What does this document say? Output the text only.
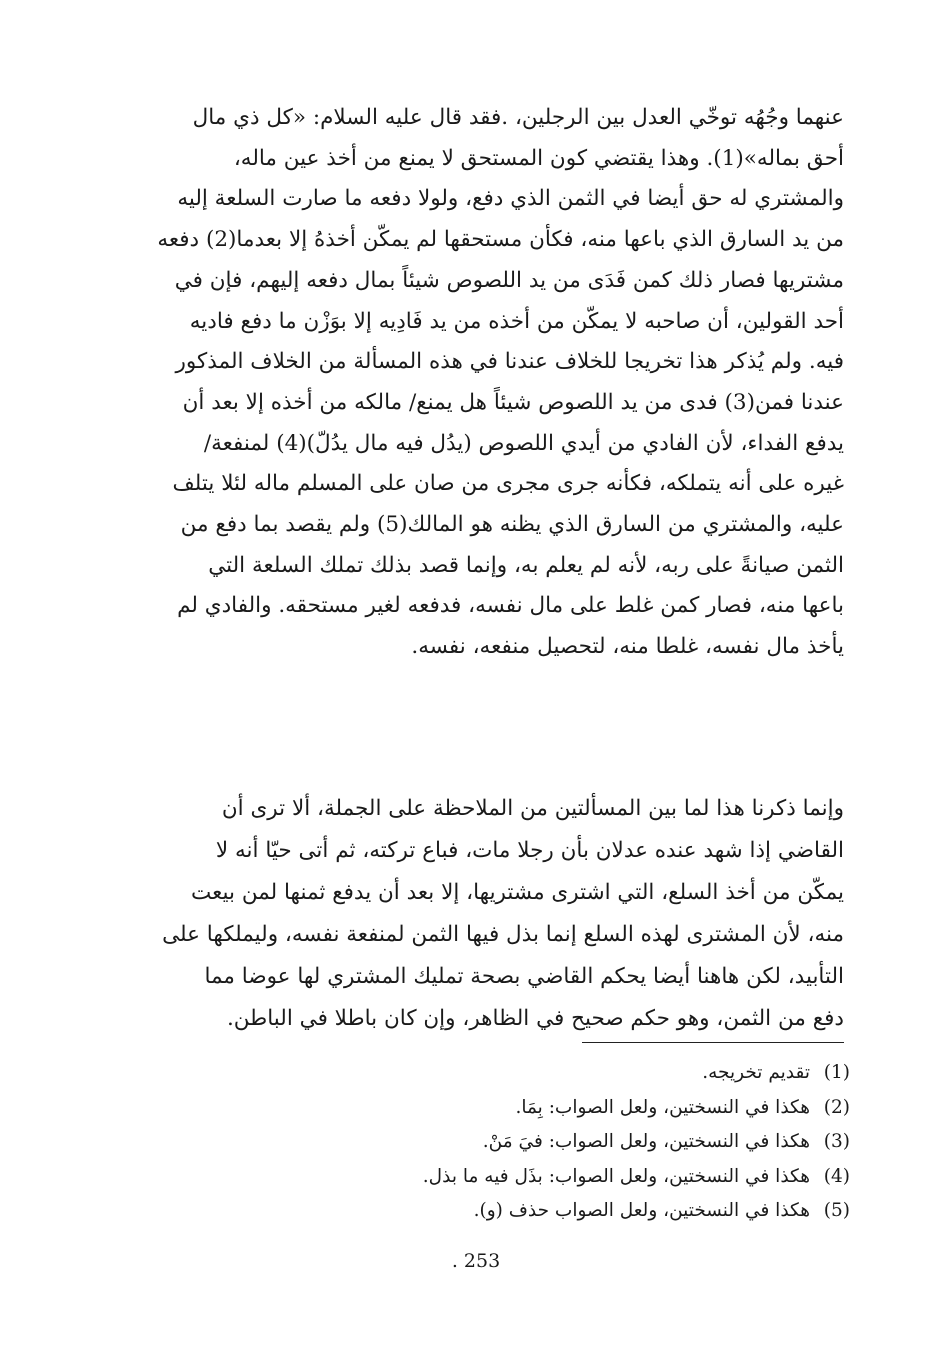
عنهما وجُهُه توخّي العدل بين الرجلين، .فقد قال عليه السلام: «كل ذي مال
أحق بماله»(1). وهذا يقتضي كون المستحق لا يمنع من أخذ عين ماله،
والمشتري له حق أيضا في الثمن الذي دفع، ولولا دفعه ما صارت السلعة إليه
من يد السارق الذي باعها منه، فكأن مستحقها لم يمكّن أخذهُ إلا بعدما(2) دفعه
مشتريها فصار ذلك كمن فَدَى من يد اللصوص شيئاً بمال دفعه إليهم، فإن في
أحد القولين، أن صاحبه لا يمكّن من أخذه من يد فَادِيه إلا بوَزْن ما دفع فاديه
فيه. ولم يُذكر هذا تخريجا للخلاف عندنا في هذه المسألة من الخلاف المذكور
عندنا فمن(3) فدى من يد اللصوص شيئاً هل يمنع/ مالكه من أخذه إلا بعد أن
يدفع الفداء، لأن الفادي من أيدي اللصوص (يدُل فيه مال يدُلّ)(4) لمنفعة/
غيره على أنه يتملكه، فكأنه جرى مجرى من صان على المسلم ماله لئلا يتلف
عليه، والمشتري من السارق الذي يظنه هو المالك(5) ولم يقصد بما دفع من
الثمن صيانةً على ربه، لأنه لم يعلم به، وإنما قصد بذلك تملك السلعة التي
باعها منه، فصار كمن غلط على مال نفسه، فدفعه لغير مستحقه. والفادي لم
يأخذ مال نفسه، غلطا منه، لتحصيل منفعه، نفسه.

وإنما ذكرنا هذا لما بين المسألتين من الملاحظة على الجملة، ألا ترى أن
القاضي إذا شهد عنده عدلان بأن رجلا مات، فباع تركته، ثم أتى حيّا أنه لا
يمكّن من أخذ السلع، التي اشترى مشتريها، إلا بعد أن يدفع ثمنها لمن بيعت
منه، لأن المشترى لهذه السلع إنما بذل فيها الثمن لمنفعة نفسه، وليملكها على
التأبيد، لكن هاهنا أيضا يحكم القاضي بصحة تمليك المشتري لها عوضا مما
دفع من الثمن، وهو حكم صحيح في الظاهر، وإن كان باطلا في الباطن.

(1)
تقديم تخريجه.
(2)
هكذا في النسختين، ولعل الصواب: بِمَا.
(3)
هكذا في النسختين، ولعل الصواب: فيَ مَنْ.
(4)
هكذا في النسختين، ولعل الصواب: بذَل فيه ما بذل.
(5)
هكذا في النسختين، ولعل الصواب حذف (و).
. 253
